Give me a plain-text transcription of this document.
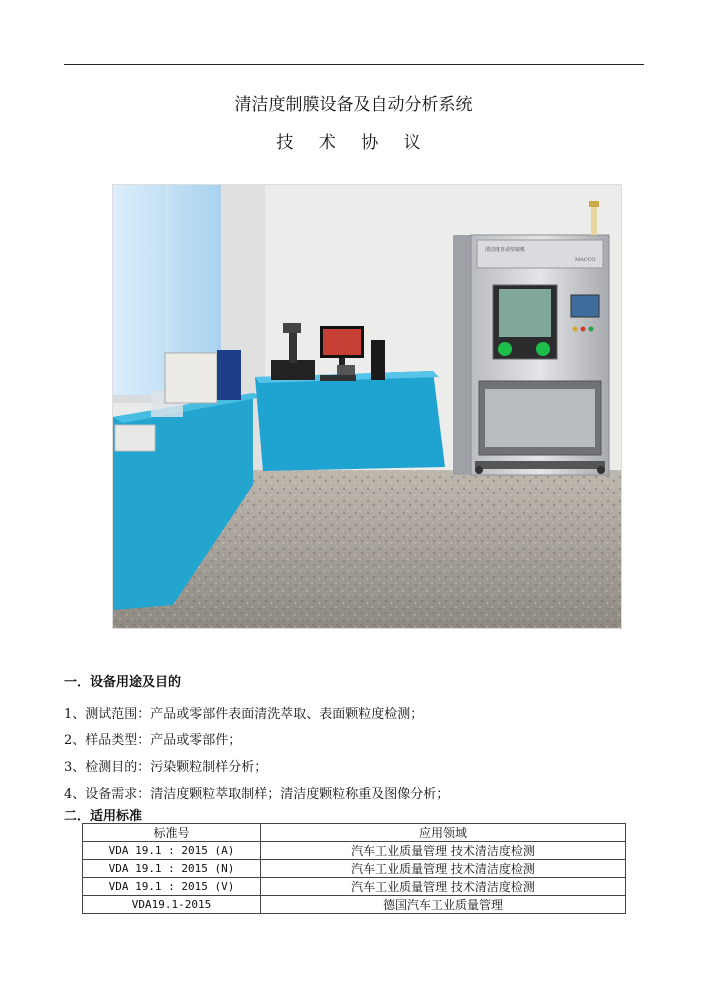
清洁度制膜设备及自动分析系统
技 术 协 议
清洁度自动萃取机
MACCO
一．设备用途及目的
1、测试范围：产品或零部件表面清洗萃取、表面颗粒度检测；
2、样品类型：产品或零部件；
3、检测目的：污染颗粒制样分析；
4、设备需求：清洁度颗粒萃取制样；清洁度颗粒称重及图像分析；
二．适用标准
标准号	应用领域
VDA 19.1 : 2015 (A)	汽车工业质量管理 技术清洁度检测
VDA 19.1 : 2015 (N)	汽车工业质量管理 技术清洁度检测
VDA 19.1 : 2015 (V)	汽车工业质量管理 技术清洁度检测
VDA19.1-2015	德国汽车工业质量管理
